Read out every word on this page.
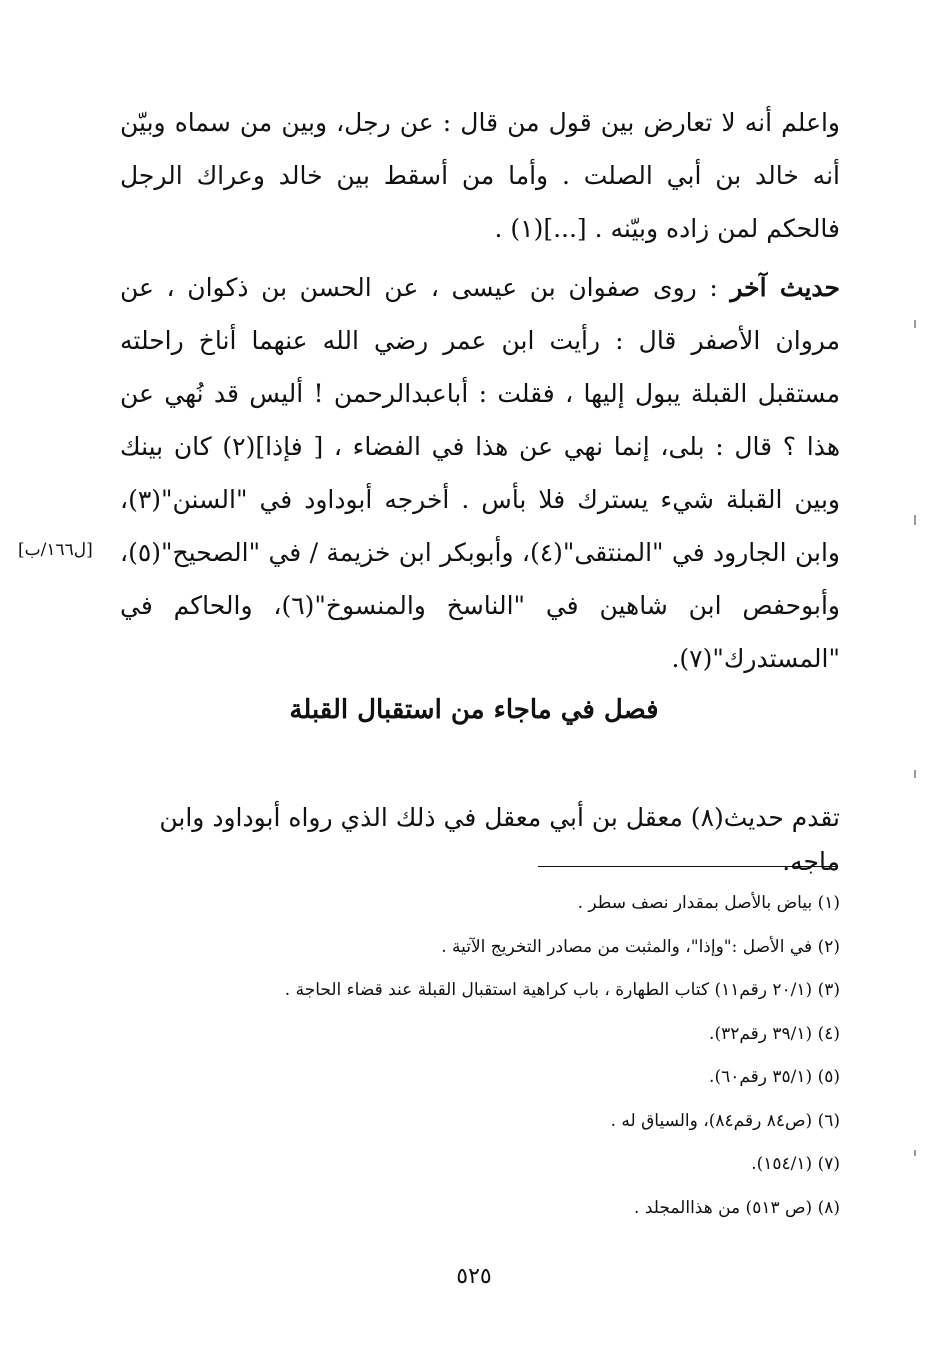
واعلم أنه لا تعارض بين قول من قال : عن رجل، وبين من سماه وبيّن أنه خالد بن أبي الصلت . وأما من أسقط بين خالد وعراك الرجل فالحكم لمن زاده وبيّنه . [...](١) .

حديث آخر : روى صفوان بن عيسى ، عن الحسن بن ذكوان ، عن مروان الأصفر قال : رأيت ابن عمر رضي الله عنهما أناخ راحلته مستقبل القبلة يبول إليها ، فقلت : أباعبدالرحمن ! أليس قد نُهي عن هذا ؟ قال : بلى، إنما نهي عن هذا في الفضاء ، [ فإذا](٢) كان بينك وبين القبلة شيء يسترك فلا بأس . أخرجه أبوداود في "السنن"(٣)، وابن الجارود في "المنتقى"(٤)، وأبوبكر ابن خزيمة / في "الصحيح"(٥)، وأبوحفص ابن شاهين في "الناسخ والمنسوخ"(٦)، والحاكم في "المستدرك"(٧).

[ل١٦٦/ب]
فصل في ماجاء من استقبال القبلة

تقدم حديث(٨) معقل بن أبي معقل في ذلك الذي رواه أبوداود وابن ماجه.

(١) بياض بالأصل بمقدار نصف سطر .
(٢) في الأصل :"وإذا"، والمثبت من مصادر التخريج الآتية .
(٣) (٢٠/١ رقم١١) كتاب الطهارة ، باب كراهية استقبال القبلة عند قضاء الحاجة .
(٤) (٣٩/١ رقم٣٢).
(٥) (٣٥/١ رقم٦٠).
(٦) (ص٨٤ رقم٨٤)، والسياق له .
(٧) (١٥٤/١).
(٨) (ص ٥١٣) من هذاالمجلد .
٥٢٥
